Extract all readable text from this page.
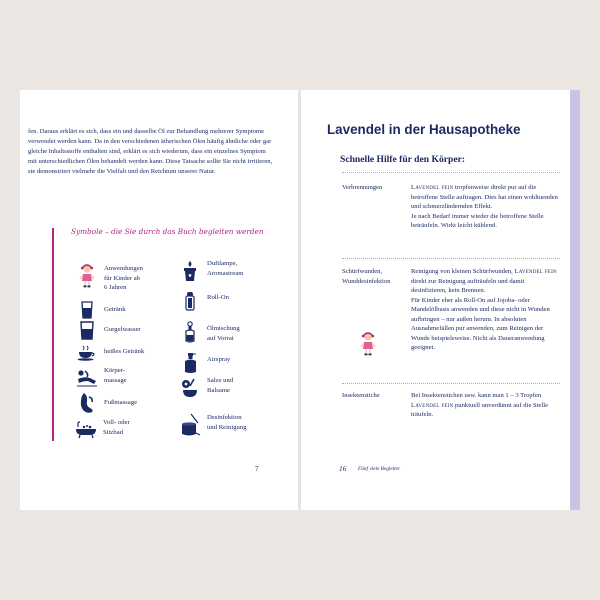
fen. Daraus erklärt es sich, dass ein und dasselbe Öl zur Behandlung mehrerer Symptome verwendet werden kann. Da in den verschiedenen ätherischen Ölen häufig ähnliche oder gar gleiche Inhaltsstoffe enthalten sind, erklärt es sich wiederum, dass ein einzelnes Symptom mit unterschiedlichen Ölen behandelt werden kann. Diese Tatsache sollte Sie nicht irritieren, sie demonstriert vielmehr die Vielfalt und den Reichtum unserer Natur.

Symbole – die Sie durch das Buch begleiten werden

Anwendungen
für Kinder ab
6 Jahren
Getränk
Gurgelwasser
heißes Getränk
Körper-
massage
Fußmassage
Voll- oder
Sitzbad
Duftlampe,
Aromastream
Roll-On
Ölmischung
auf Vorrat
Airspray
Salze und
Balsame
Desinfektion
und Reinigung
7
Lavendel in der Hausapotheke
Schnelle Hilfe für den Körper:
Verbrennungen	Lavendel fein tropfenweise direkt pur auf die betroffene Stelle auftragen. Dies hat einen wohltuenden und schmerzlindernden Effekt.
Je nach Bedarf immer wieder die betroffene Stelle beträufeln. Wirkt leicht kühlend.

Schürfwunden,
Wunddesinfektion

Reinigung von kleinen Schürfwunden, Lavendel fein direkt zur Reinigung aufträufeln und damit desinfizieren, kein Brennen.
Für Kinder eher als Roll-On auf Jojoba- oder Mandelölbasis anwenden und diese nicht in Wunden aufbringen – nur außen herum. In absoluten Ausnahmefällen pur anwenden, zum Reinigen der Wunde beispielsweise. Nicht als Daueranwendung geeignet.

Insektenstiche	Bei Insektenstichen usw. kann man 1 – 3 Tropfen Lavendel fein punktuell unverdünnt auf die Stelle träufeln.

16 Fünf viele Begleiter
